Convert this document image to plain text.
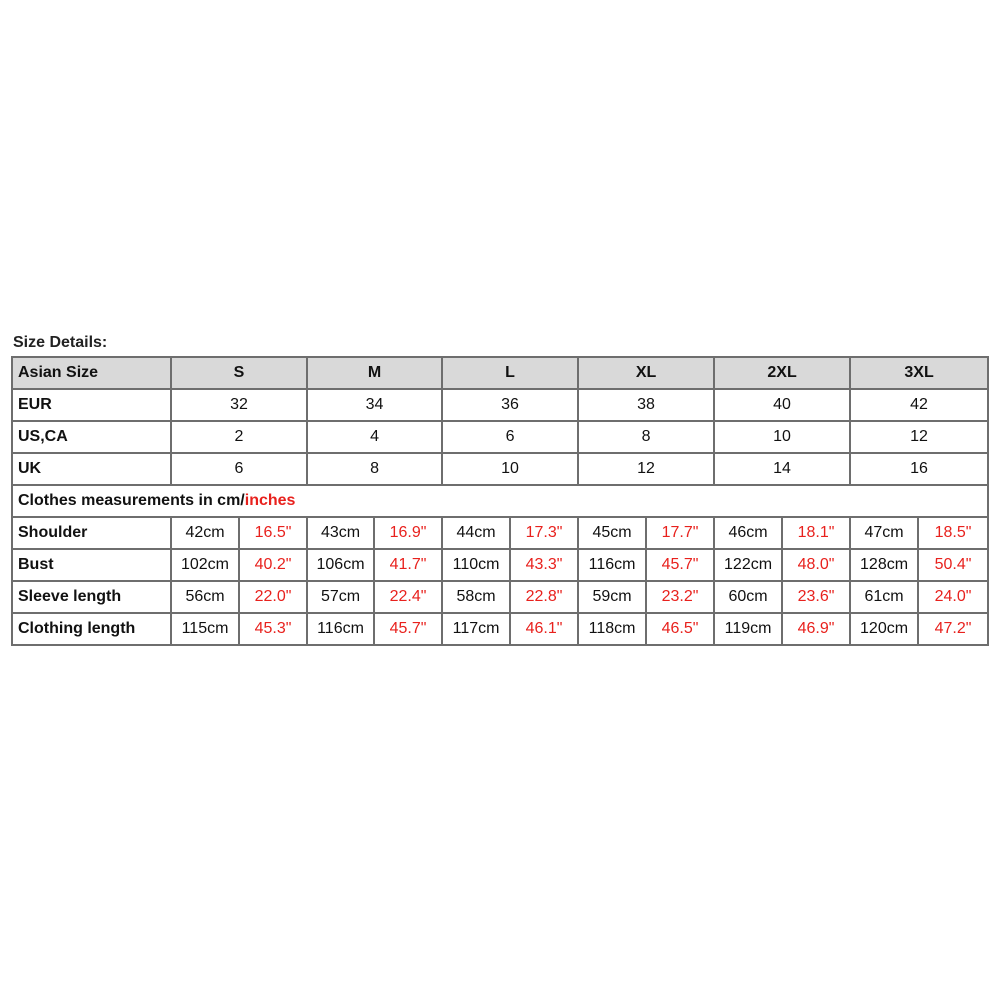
Size Details:
Asian Size	S		M		L		XL		2XL		3XL	
EUR	32		34		36		38		40		42	
US,CA	2		4		6		8		10		12	
UK	6		8		10		12		14		16	
Clothes measurements in cm/inches												
Shoulder	42cm	16.5"	43cm	16.9"	44cm	17.3"	45cm	17.7"	46cm	18.1"	47cm	18.5"
Bust	102cm	40.2"	106cm	41.7"	110cm	43.3"	116cm	45.7"	122cm	48.0"	128cm	50.4"
Sleeve length	56cm	22.0"	57cm	22.4"	58cm	22.8"	59cm	23.2"	60cm	23.6"	61cm	24.0"
Clothing length	115cm	45.3"	116cm	45.7"	117cm	46.1"	118cm	46.5"	119cm	46.9"	120cm	47.2"
